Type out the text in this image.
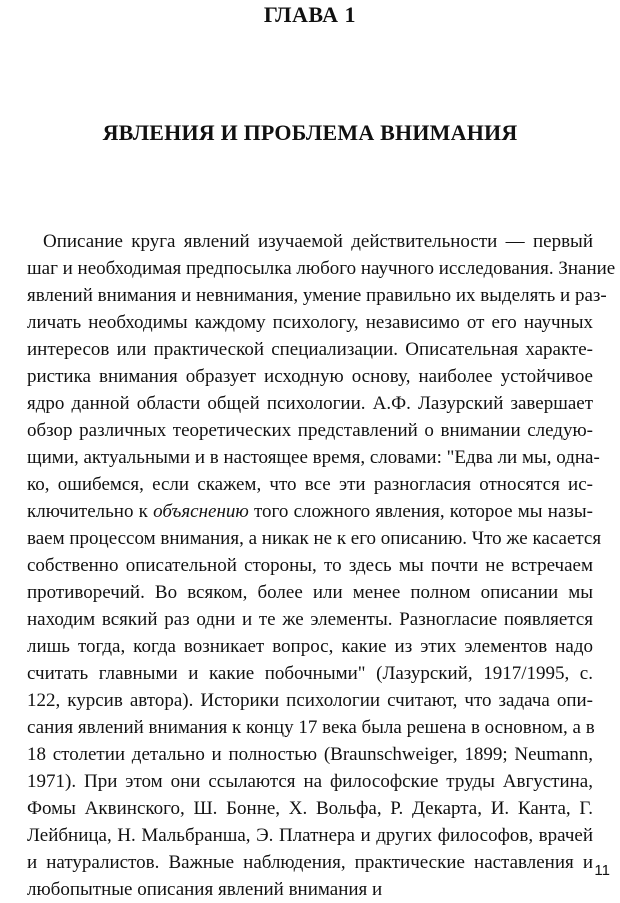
ГЛАВА 1
ЯВЛЕНИЯ И ПРОБЛЕМА ВНИМАНИЯ
Описание круга явлений изучаемой действительности — первый
шаг и необходимая предпосылка любого научного исследования. Знание
явлений внимания и невнимания, умение правильно их выделять и раз-
личать необходимы каждому психологу, независимо от его научных
интересов или практической специализации. Описательная характе-
ристика внимания образует исходную основу, наиболее устойчивое
ядро данной области общей психологии. А.Ф. Лазурский завершает
обзор различных теоретических представлений о внимании следую-
щими, актуальными и в настоящее время, словами: "Едва ли мы, одна-
ко, ошибемся, если скажем, что все эти разногласия относятся ис-
ключительно к объяснению того сложного явления, которое мы назы-
ваем процессом внимания, а никак не к его описанию. Что же касается
собственно описательной стороны, то здесь мы почти не встречаем
противоречий. Во всяком, более или менее полном описании мы
находим всякий раз одни и те же элементы. Разногласие появляется
лишь тогда, когда возникает вопрос, какие из этих элементов надо
считать главными и какие побочными" (Лазурский, 1917/1995, с.
122, курсив автора). Историки психологии считают, что задача опи-
сания явлений внимания к концу 17 века была решена в основном, а в
18 столетии детально и полностью (Braunschweiger, 1899; Neumann,
1971). При этом они ссылаются на философские труды Августина,
Фомы Аквинского, Ш. Бонне, Х. Вольфа, Р. Декарта, И. Канта, Г.
Лейбница, Н. Мальбранша, Э. Платнера и других философов, врачей
и натуралистов. Важные наблюдения, практические наставления и
любопытные описания явлений внимания и
11
